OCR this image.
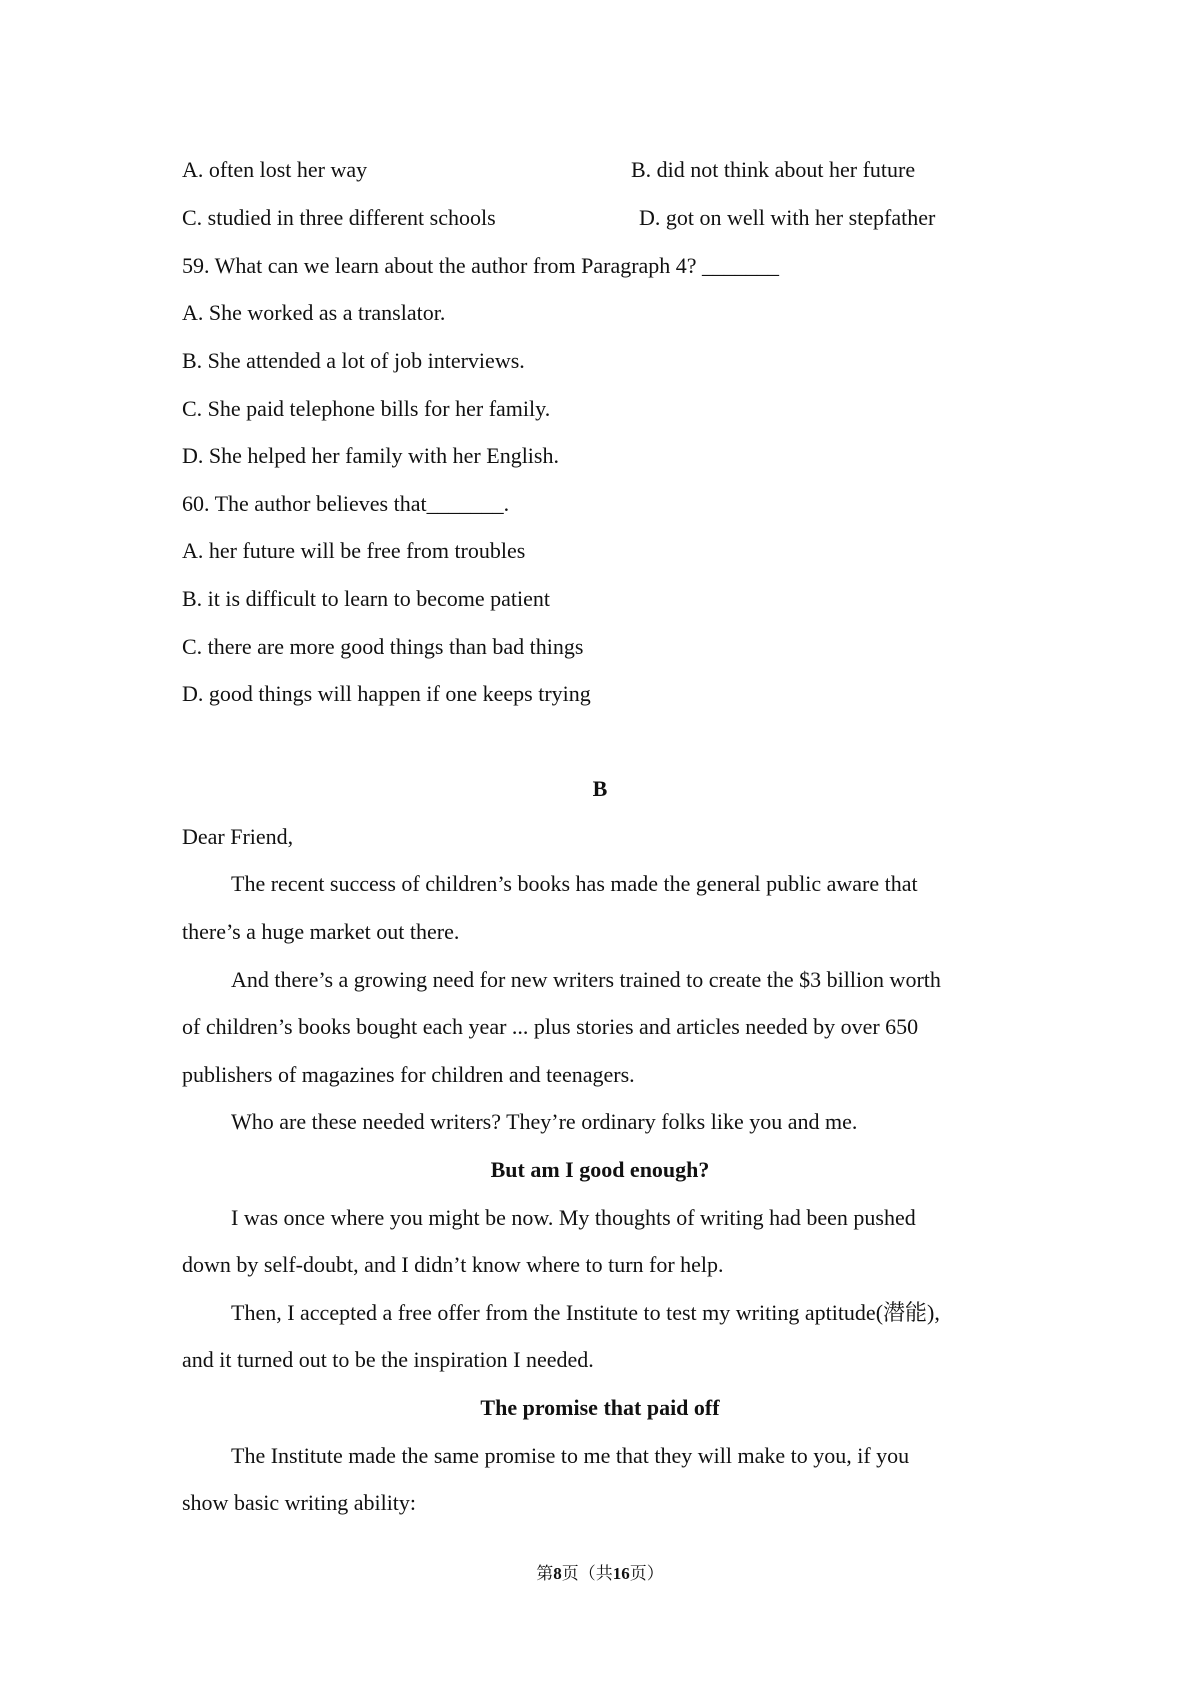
A. often lost her way	B. did not think about her future
C. studied in three different schools	D. got on well with her stepfather
59. What can we learn about the author from Paragraph 4? _______
A. She worked as a translator.
B. She attended a lot of job interviews.
C. She paid telephone bills for her family.
D. She helped her family with her English.
60. The author believes that_______.
A. her future will be free from troubles
B. it is difficult to learn to become patient
C. there are more good things than bad things
D. good things will happen if one keeps trying
B
Dear Friend,
The recent success of children’s books has made the general public aware that
there’s a huge market out there.
And there’s a growing need for new writers trained to create the $3 billion worth
of children’s books bought each year ... plus stories and articles needed by over 650
publishers of magazines for children and teenagers.
Who are these needed writers? They’re ordinary folks like you and me.
But am I good enough?
I was once where you might be now. My thoughts of writing had been pushed
down by self-doubt, and I didn’t know where to turn for help.
Then, I accepted a free offer from the Institute to test my writing aptitude(潜能),
and it turned out to be the inspiration I needed.
The promise that paid off
The Institute made the same promise to me that they will make to you, if you
show basic writing ability:
第8页（共16页）
